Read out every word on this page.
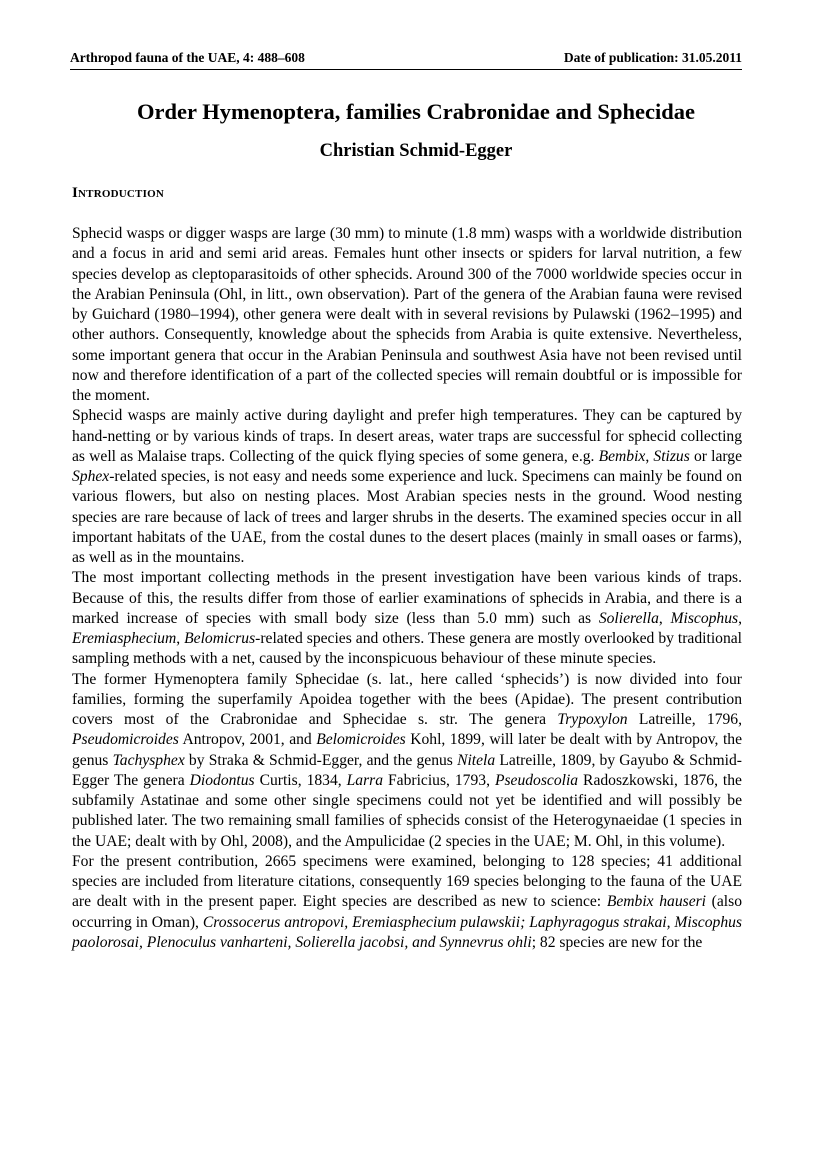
Arthropod fauna of the UAE, 4: 488–608	Date of publication: 31.05.2011
Order Hymenoptera, families Crabronidae and Sphecidae
Christian Schmid-Egger
Introduction

Sphecid wasps or digger wasps are large (30 mm) to minute (1.8 mm) wasps with a worldwide distribution and a focus in arid and semi arid areas. Females hunt other insects or spiders for larval nutrition, a few species develop as cleptoparasitoids of other sphecids. Around 300 of the 7000 worldwide species occur in the Arabian Peninsula (Ohl, in litt., own observation). Part of the genera of the Arabian fauna were revised by Guichard (1980–1994), other genera were dealt with in several revisions by Pulawski (1962–1995) and other authors. Consequently, knowledge about the sphecids from Arabia is quite extensive. Nevertheless, some important genera that occur in the Arabian Peninsula and southwest Asia have not been revised until now and therefore identification of a part of the collected species will remain doubtful or is impossible for the moment.

Sphecid wasps are mainly active during daylight and prefer high temperatures. They can be captured by hand-netting or by various kinds of traps. In desert areas, water traps are successful for sphecid collecting as well as Malaise traps. Collecting of the quick flying species of some genera, e.g. Bembix, Stizus or large Sphex-related species, is not easy and needs some experience and luck. Specimens can mainly be found on various flowers, but also on nesting places. Most Arabian species nests in the ground. Wood nesting species are rare because of lack of trees and larger shrubs in the deserts. The examined species occur in all important habitats of the UAE, from the costal dunes to the desert places (mainly in small oases or farms), as well as in the mountains.

The most important collecting methods in the present investigation have been various kinds of traps. Because of this, the results differ from those of earlier examinations of sphecids in Arabia, and there is a marked increase of species with small body size (less than 5.0 mm) such as Solierella, Miscophus, Eremiasphecium, Belomicrus-related species and others. These genera are mostly overlooked by traditional sampling methods with a net, caused by the inconspicuous behaviour of these minute species.

The former Hymenoptera family Sphecidae (s. lat., here called ‘sphecids’) is now divided into four families, forming the superfamily Apoidea together with the bees (Apidae). The present contribution covers most of the Crabronidae and Sphecidae s. str. The genera Trypoxylon Latreille, 1796, Pseudomicroides Antropov, 2001, and Belomicroides Kohl, 1899, will later be dealt with by Antropov, the genus Tachysphex by Straka & Schmid-Egger, and the genus Nitela Latreille, 1809, by Gayubo & Schmid-Egger The genera Diodontus Curtis, 1834, Larra Fabricius, 1793, Pseudoscolia Radoszkowski, 1876, the subfamily Astatinae and some other single specimens could not yet be identified and will possibly be published later. The two remaining small families of sphecids consist of the Heterogynaeidae (1 species in the UAE; dealt with by Ohl, 2008), and the Ampulicidae (2 species in the UAE; M. Ohl, in this volume).

For the present contribution, 2665 specimens were examined, belonging to 128 species; 41 additional species are included from literature citations, consequently 169 species belonging to the fauna of the UAE are dealt with in the present paper. Eight species are described as new to science: Bembix hauseri (also occurring in Oman), Crossocerus antropovi, Eremiasphecium pulawskii; Laphyragogus strakai, Miscophus paolorosai, Plenoculus vanharteni, Solierella jacobsi, and Synnevrus ohli; 82 species are new for the
